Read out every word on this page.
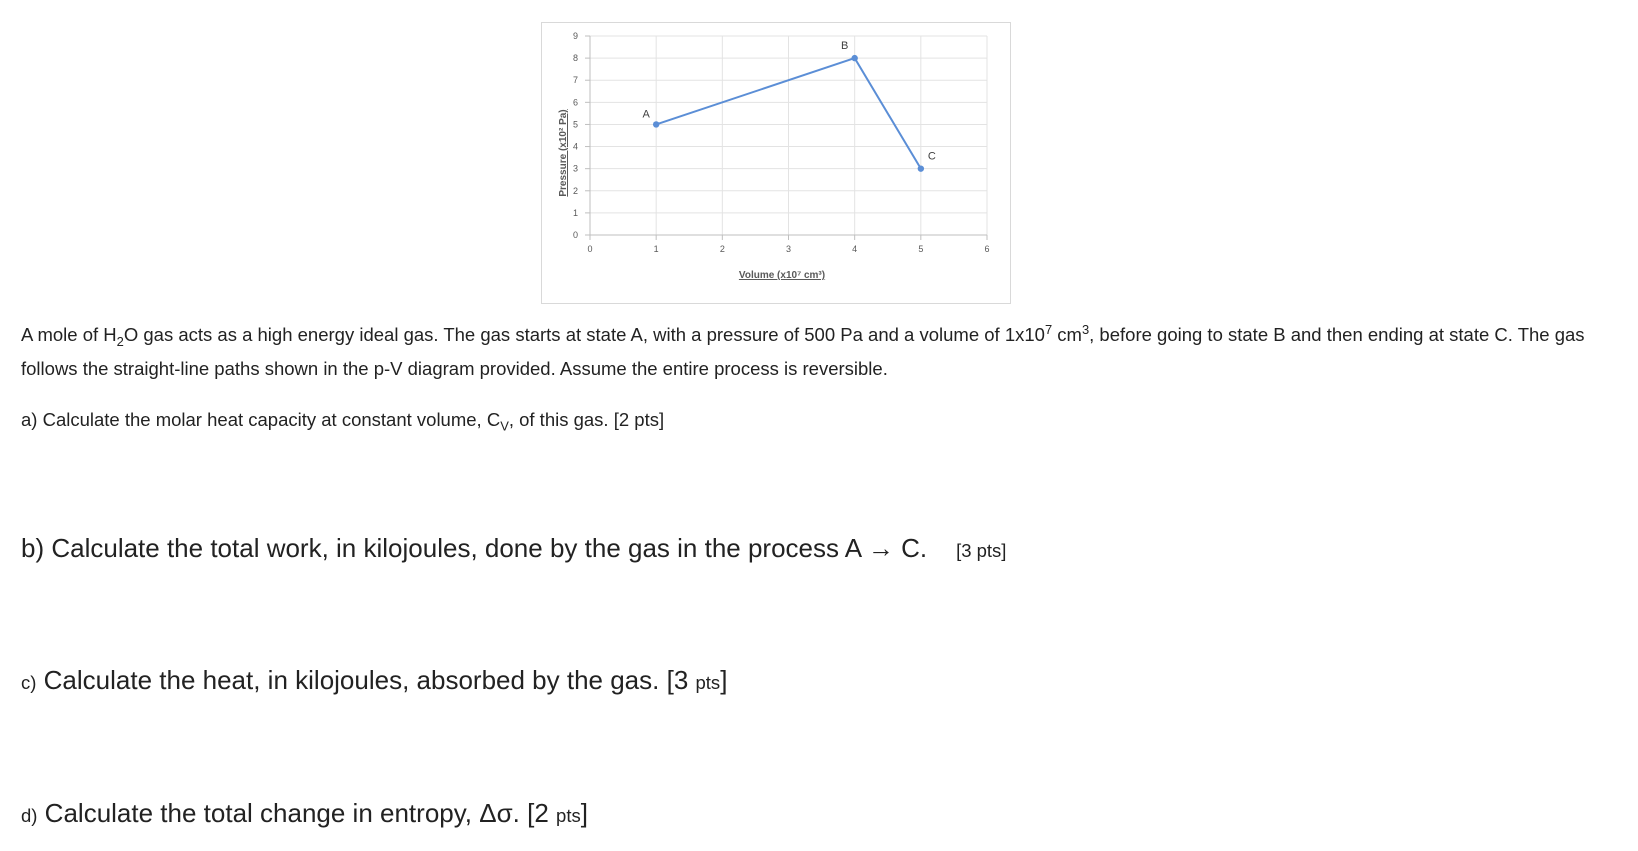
0
1
2
3
4
5
6
7
8
9
0	1	2	3	4	5	6
A
B
C
Volume (x10⁷ cm³)
Pressure (x10² Pa)
A mole of $H_2O$ gas acts as a high energy ideal gas. The gas starts at state A, with a pressure of 500 Pa and a volume of $1x10^7$ $cm^3$, before going to state B and then ending at state C. The gas follows the straight-line paths shown in the p-V diagram provided. Assume the entire process is reversible.
a) Calculate the molar heat capacity at constant volume, $C_V$, of this gas. [2 pts]
b) Calculate the total work, in kilojoules, done by the gas in the process A → C. [3 pts]
c) Calculate the heat, in kilojoules, absorbed by the gas. [3 pts]
d) Calculate the total change in entropy, Δσ. [2 pts]
